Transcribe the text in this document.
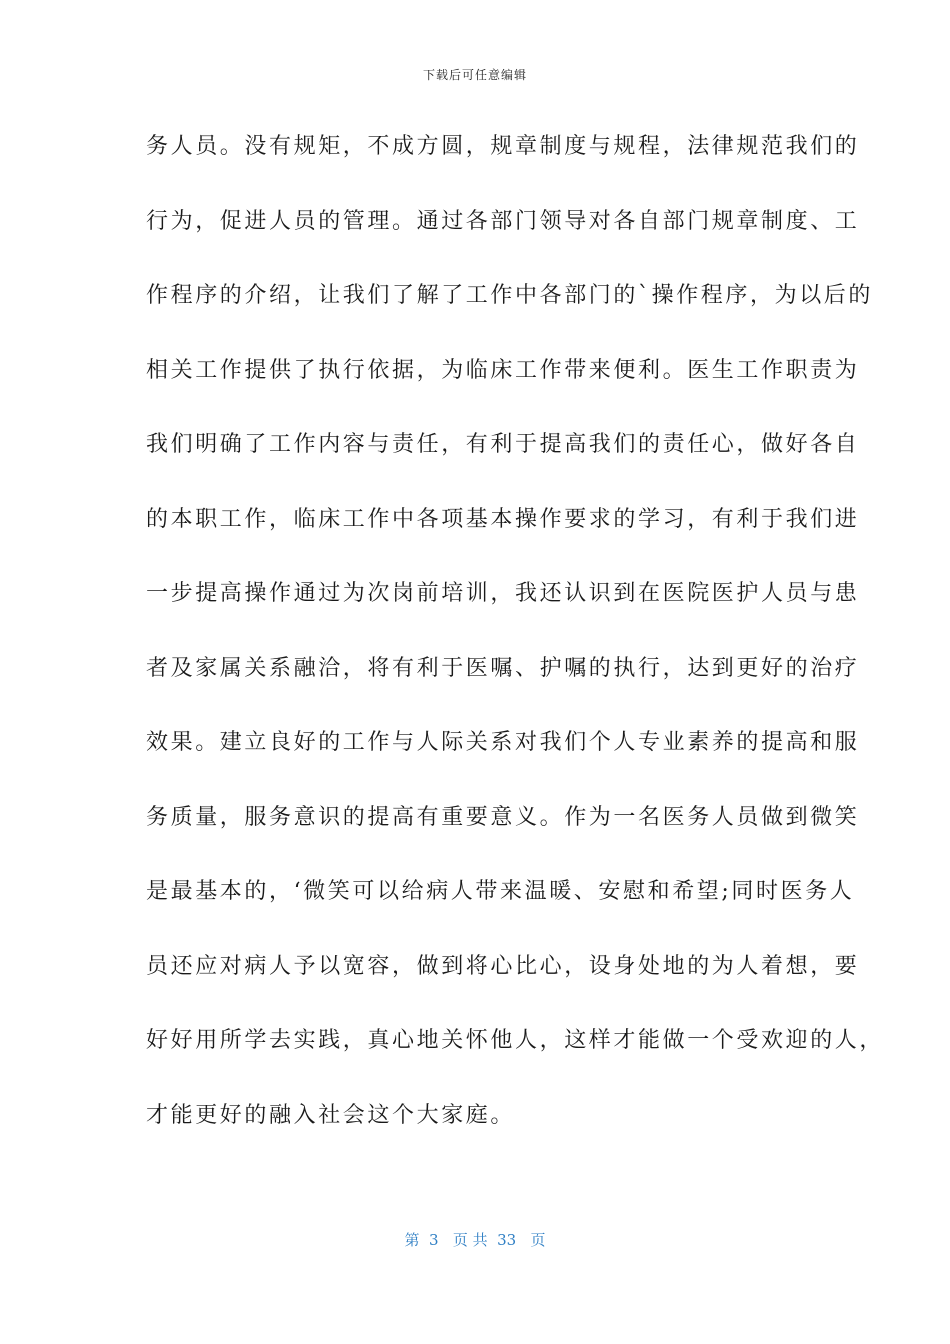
下载后可任意编辑
务人员。没有规矩，不成方圆，规章制度与规程，法律规范我们的
行为，促进人员的管理。通过各部门领导对各自部门规章制度、工
作程序的介绍，让我们了解了工作中各部门的`操作程序，为以后的
相关工作提供了执行依据，为临床工作带来便利。医生工作职责为
我们明确了工作内容与责任，有利于提高我们的责任心，做好各自
的本职工作，临床工作中各项基本操作要求的学习，有利于我们进
一步提高操作通过为次岗前培训，我还认识到在医院医护人员与患
者及家属关系融洽，将有利于医嘱、护嘱的执行，达到更好的治疗
效果。建立良好的工作与人际关系对我们个人专业素养的提高和服
务质量，服务意识的提高有重要意义。作为一名医务人员做到微笑
是最基本的，‘微笑可以给病人带来温暖、安慰和希望;同时医务人
员还应对病人予以宽容，做到将心比心，设身处地的为人着想，要
好好用所学去实践，真心地关怀他人，这样才能做一个受欢迎的人，
才能更好的融入社会这个大家庭。
第  3   页 共  33   页
